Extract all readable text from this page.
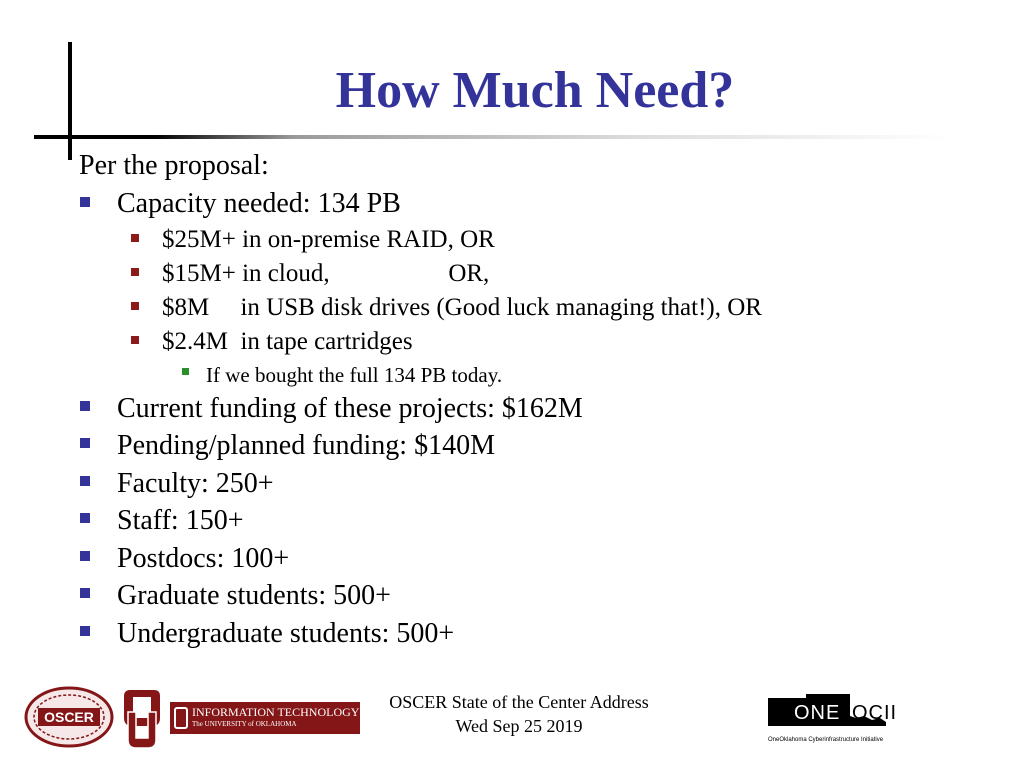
How Much Need?
Per the proposal:
Capacity needed: 134 PB
$25M+ in on-premise RAID, OR
$15M+ in cloud,                   OR,
$8M     in USB disk drives (Good luck managing that!), OR
$2.4M  in tape cartridges
If we bought the full 134 PB today.
Current funding of these projects: $162M
Pending/planned funding: $140M
Faculty: 250+
Staff: 150+
Postdocs: 100+
Graduate students: 500+
Undergraduate students: 500+
OSCER	INFORMATION TECHNOLOGY
The UNIVERSITY of OKLAHOMA
OSCER State of the Center Address
Wed Sep 25 2019
ONE OCII
OneOklahoma Cyberinfrastructure Initiative
